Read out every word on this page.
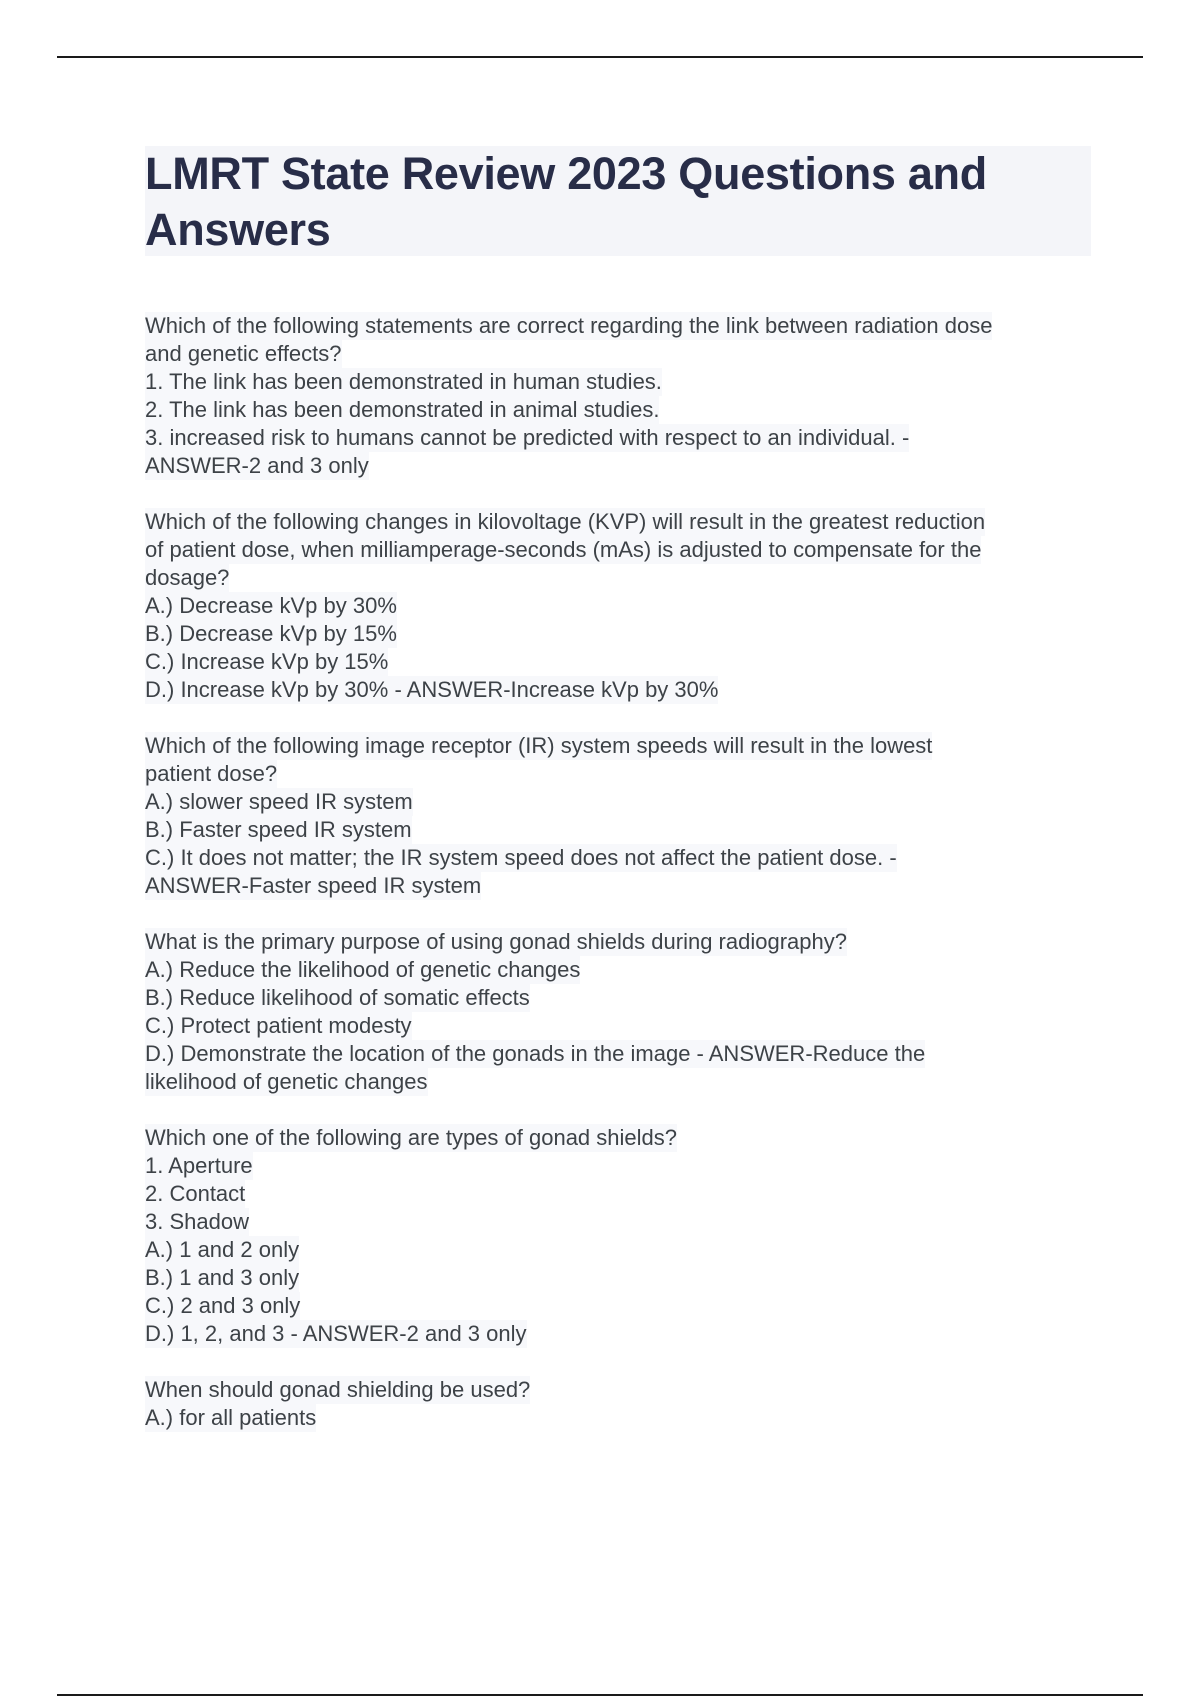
LMRT State Review 2023 Questions and
Answers
Which of the following statements are correct regarding the link between radiation dose
and genetic effects?
1. The link has been demonstrated in human studies.
2. The link has been demonstrated in animal studies.
3. increased risk to humans cannot be predicted with respect to an individual. -
ANSWER-2 and 3 only
Which of the following changes in kilovoltage (KVP) will result in the greatest reduction
of patient dose, when milliamperage-seconds (mAs) is adjusted to compensate for the
dosage?
A.) Decrease kVp by 30%
B.) Decrease kVp by 15%
C.) Increase kVp by 15%
D.) Increase kVp by 30% - ANSWER-Increase kVp by 30%
Which of the following image receptor (IR) system speeds will result in the lowest
patient dose?
A.) slower speed IR system
B.) Faster speed IR system
C.) It does not matter; the IR system speed does not affect the patient dose. -
ANSWER-Faster speed IR system
What is the primary purpose of using gonad shields during radiography?
A.) Reduce the likelihood of genetic changes
B.) Reduce likelihood of somatic effects
C.) Protect patient modesty
D.) Demonstrate the location of the gonads in the image - ANSWER-Reduce the
likelihood of genetic changes
Which one of the following are types of gonad shields?
1. Aperture
2. Contact
3. Shadow
A.) 1 and 2 only
B.) 1 and 3 only
C.) 2 and 3 only
D.) 1, 2, and 3 - ANSWER-2 and 3 only
When should gonad shielding be used?
A.) for all patients
